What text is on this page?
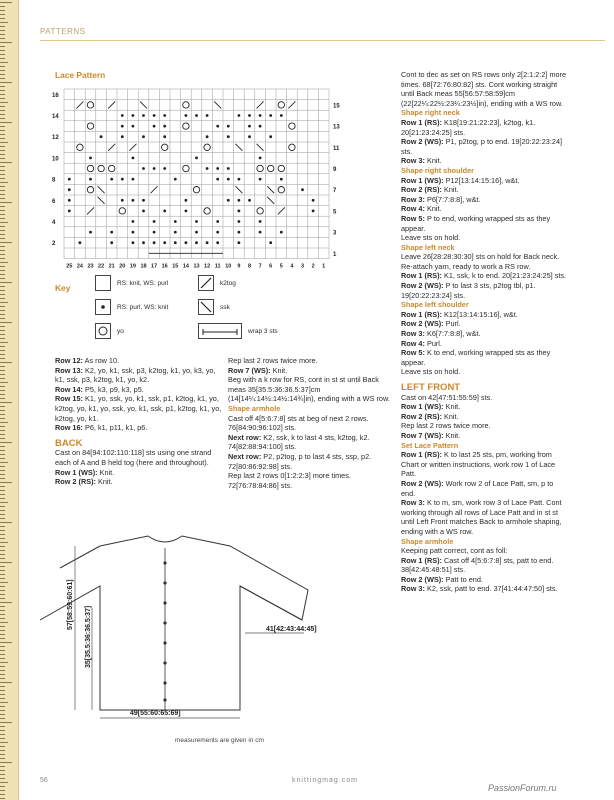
PATTERNS
Lace Pattern
16
14
12
10
8
6
4
2
15
13
11
9
7
5
3
1
25 24 23 22 21 20 19 18 17 16 15 14 13 12 11 10 9 8 7 6 5 4 3 2 1
Key	RS: knit, WS: purl	k2tog
RS: purl, WS: knit	ssk
yo	wrap 3 sts

Row 12: As row 10.

Row 13: K2, yo, k1, ssk, p3, k2tog, k1, yo, k3, yo, k1, ssk, p3, k2tog, k1, yo, k2.

Row 14: P5, k3, p9, k3, p5.

Row 15: K1, yo, ssk, yo, k1, ssk, p1, k2tog, k1, yo, k2tog, yo, k1, yo, ssk, yo, k1, ssk, p1, k2tog, k1, yo, k2tog, yo, k1.

Row 16: P6, k1, p11, k1, p6.

BACK

Cast on 84[94:102:110:118] sts using one strand each of A and B held tog (here and throughout).

Row 1 (WS): Knit.

Row 2 (RS): Knit.

Rep last 2 rows twice more.

Row 7 (WS): Knit.

Beg with a k row for RS, cont in st st until Back meas 35[35.5:36:36.5:37]cm (14[14¼:14½:14½:14¾]in), ending with a WS row.

Shape armhole

Cast off 4[5:6:7:8] sts at beg of next 2 rows. 76[84:90:96:102] sts.

Next row: K2, ssk, k to last 4 sts, k2tog, k2. 74[82:88:94:100] sts.

Next row: P2, p2tog, p to last 4 sts, ssp, p2. 72[80:86:92:98] sts.

Rep last 2 rows 0[1:2:2:3] more times. 72[76:78:84:86] sts.

Cont to dec as set on RS rows only 2[2:1:2:2] more times. 68[72:76:80:82] sts. Cont working straight until Back meas 55[56:57:58:59]cm (22[22¼:22½:23¼:23½]in), ending with a WS row.

Shape right neck

Row 1 (RS): K18[19:21:22:23], k2tog, k1. 20[21:23:24:25] sts.

Row 2 (WS): P1, p2tog, p to end. 19[20:22:23:24] sts.

Row 3: Knit.

Shape right shoulder

Row 1 (WS): P12[13:14:15:16], w&t.

Row 2 (RS): Knit.

Row 3: P6[7:7:8:8], w&t.

Row 4: Knit.

Row 5: P to end, working wrapped sts as they appear.

Leave sts on hold.

Shape left neck

Leave 26[28:28:30:30] sts on hold for Back neck. Re-attach yarn, ready to work a RS row.

Row 1 (RS): K1, ssk, k to end. 20[21:23:24:25] sts.

Row 2 (WS): P to last 3 sts, p2tog tbl, p1. 19[20:22:23:24] sts.

Shape left shoulder

Row 1 (RS): K12[13:14:15:16], w&t.

Row 2 (WS): Purl.

Row 3: K6[7:7:8:8], w&t.

Row 4: Purl.

Row 5: K to end, working wrapped sts as they appear.

Leave sts on hold.

LEFT FRONT

Cast on 42[47:51:55:59] sts.

Row 1 (WS): Knit.

Row 2 (RS): Knit.

Rep last 2 rows twice more.

Row 7 (WS): Knit.

Set Lace Pattern

Row 1 (RS): K to last 25 sts, pm, working from Chart or written instructions, work row 1 of Lace Patt.

Row 2 (WS): Work row 2 of Lace Patt, sm, p to end.

Row 3: K to m, sm, work row 3 of Lace Patt. Cont working through all rows of Lace Patt and in st st until Left Front matches Back to armhole shaping, ending with a WS row.

Shape armhole

Keeping patt correct, cont as foll:

Row 1 (RS): Cast off 4[5:6:7:8] sts, patt to end. 38[42:45:48:51] sts.

Row 2 (WS): Patt to end.

Row 3: K2, ssk, patt to end. 37[41:44:47:50] sts.

57[58:59:60:61]
35[35.5:36:36.5:37]	41[42:43:44:45]
49[55:60:65:69]
measurements are given in cm
56	knittingmag.com
PassionForum.ru
